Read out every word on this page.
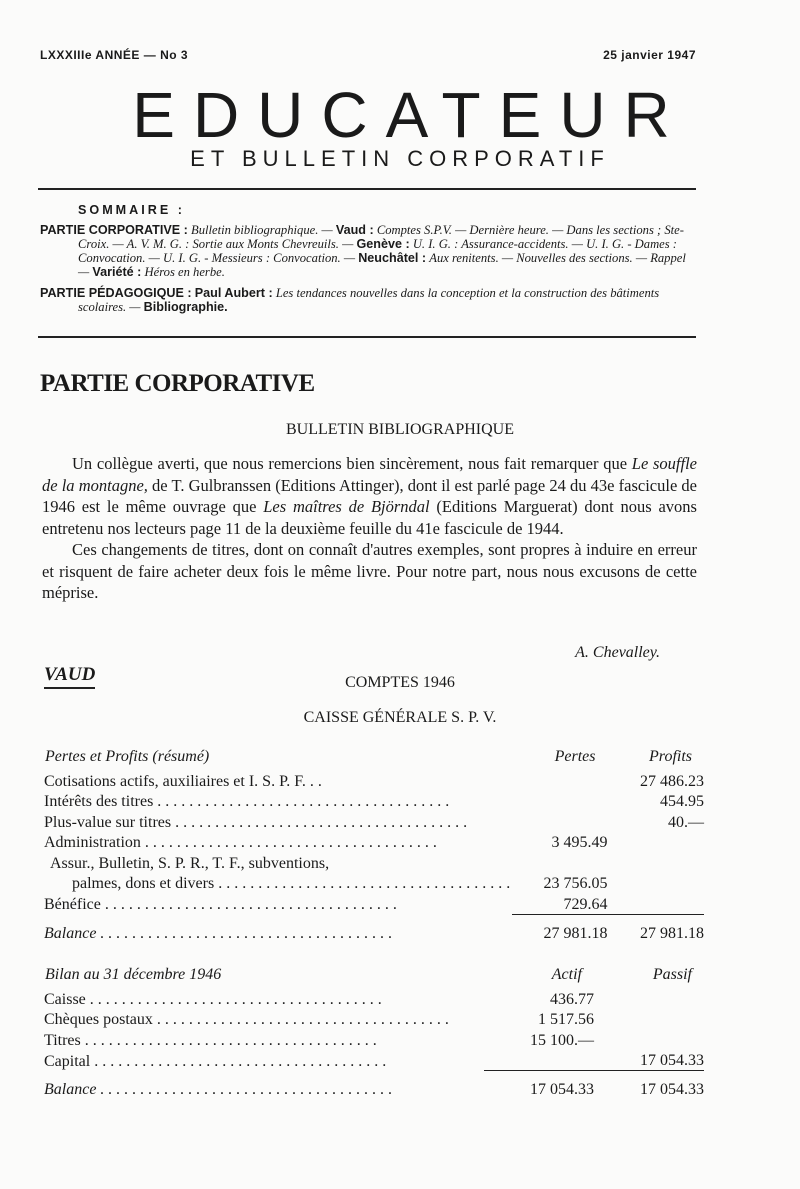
LXXXIIIe ANNÉE — No 3	25 janvier 1947
EDUCATEUR
ET BULLETIN CORPORATIF
SOMMAIRE :

PARTIE CORPORATIVE : Bulletin bibliographique. — Vaud : Comptes S.P.V. — Dernière heure. — Dans les sections ; Ste-Croix. — A. V. M. G. : Sortie aux Monts Chevreuils. — Genève : U. I. G. : Assurance-accidents. — U. I. G. - Dames : Convocation. — U. I. G. - Messieurs : Convocation. — Neuchâtel : Aux renitents. — Nouvelles des sections. — Rappel — Variété : Héros en herbe.

PARTIE PÉDAGOGIQUE : Paul Aubert : Les tendances nouvelles dans la conception et la construction des bâtiments scolaires. — Bibliographie.

PARTIE CORPORATIVE
BULLETIN BIBLIOGRAPHIQUE

Un collègue averti, que nous remercions bien sincèrement, nous fait remarquer que Le souffle de la montagne, de T. Gulbranssen (Editions Attinger), dont il est parlé page 24 du 43e fascicule de 1946 est le même ouvrage que Les maîtres de Björndal (Editions Marguerat) dont nous avons entretenu nos lecteurs page 11 de la deuxième feuille du 41e fascicule de 1944.

Ces changements de titres, dont on connaît d'autres exemples, sont propres à induire en erreur et risquent de faire acheter deux fois le même livre. Pour notre part, nous nous excusons de cette méprise.

A. Chevalley.
VAUD	COMPTES 1946
CAISSE GÉNÉRALE S. P. V.
Pertes et Profits (résumé)	Pertes	Profits
Cotisations actifs, auxiliaires et I. S. P. F. . .		27 486.23
Intérêts des titres . . .		454.95
Plus-value sur titres . . .		40.—
Administration . . .	3 495.49	
Assur., Bulletin, S. P. R., T. F., subventions,		
palmes, dons et divers . . .	23 756.05	
Bénéfice . . .	729.64	
Balance . . .	27 981.18	27 981.18
Bilan au 31 décembre 1946	Actif	Passif
Caisse . . .	436.77	
Chèques postaux . . .	1 517.56	
Titres . . .	15 100.—	
Capital . . .		17 054.33
Balance . . .	17 054.33	17 054.33
